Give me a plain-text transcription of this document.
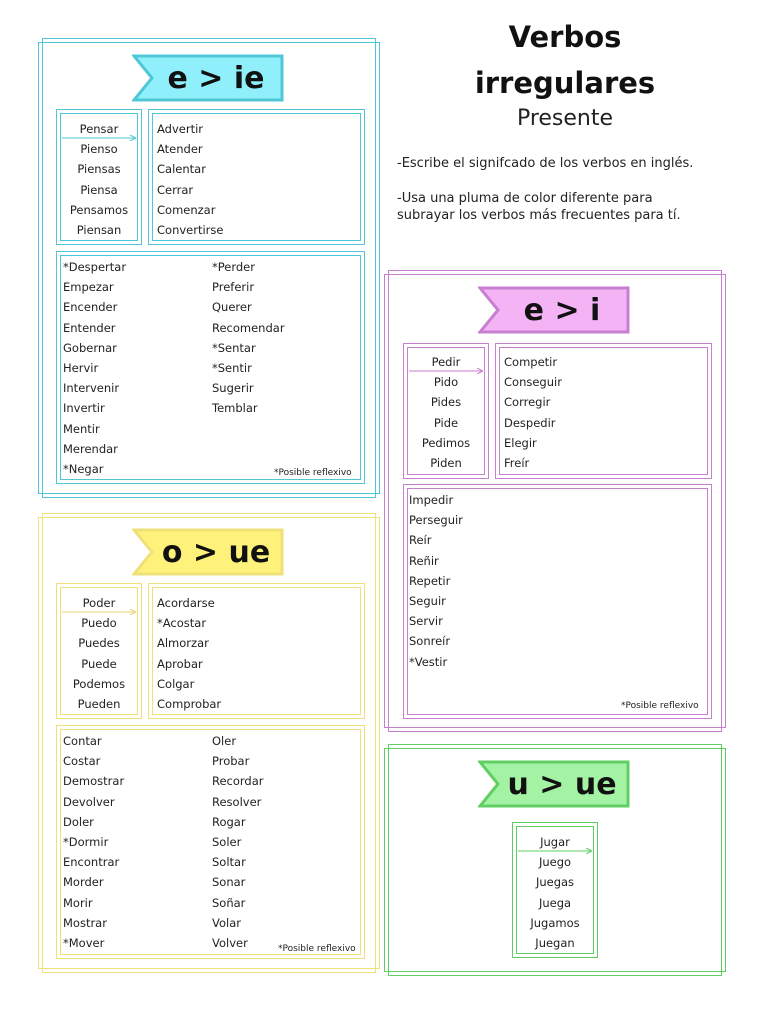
Verbos
irregulares
Presente
-Escribe el signifcado de los verbos en inglés.
-Usa una pluma de color diferente para
subrayar los verbos más frecuentes para tí.
e > ie
Pensar
Pienso
Piensas
Piensa
Pensamos
Piensan
Advertir
Atender
Calentar
Cerrar
Comenzar
Convertirse
*Despertar
Empezar
Encender
Entender
Gobernar
Hervir
Intervenir
Invertir
Mentir
Merendar
*Negar
*Perder
Preferir
Querer
Recomendar
*Sentar
*Sentir
Sugerir
Temblar
*Posible reflexivo
e > i
Pedir
Pido
Pides
Pide
Pedimos
Piden
Competir
Conseguir
Corregir
Despedir
Elegir
Freír
Impedir
Perseguir
Reír
Reñir
Repetir
Seguir
Servir
Sonreír
*Vestir
*Posible reflexivo
o > ue
Poder
Puedo
Puedes
Puede
Podemos
Pueden
Acordarse
*Acostar
Almorzar
Aprobar
Colgar
Comprobar
Contar
Costar
Demostrar
Devolver
Doler
*Dormir
Encontrar
Morder
Morir
Mostrar
*Mover
Oler
Probar
Recordar
Resolver
Rogar
Soler
Soltar
Sonar
Soñar
Volar
Volver	*Posible reflexivo
u > ue
Jugar
Juego
Juegas
Juega
Jugamos
Juegan
